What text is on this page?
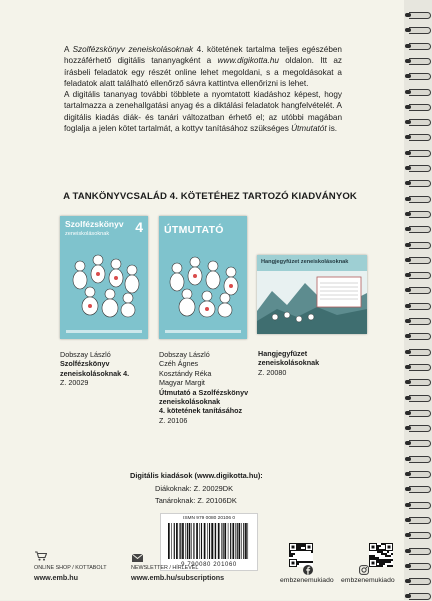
A Szolfézskönyv zeneiskolásoknak 4. kötetének tartalma teljes egészében hozzáférhető digitális tananyagként a www.digikotta.hu oldalon. Itt az írásbeli feladatok egy részét online lehet megoldani, s a megoldásokat a feladatok alatt található ellenőrző sávra kattintva ellenőrizni is lehet.

A digitális tananyag további többlete a nyomtatott kiadáshoz képest, hogy tartalmazza a zenehallgatási anyag és a diktálási feladatok hangfelvételét. A digitális kiadás diák- és tanári változatban érhető el; az utóbbi magában foglalja a jelen kötet tartalmát, a kottyv tanításához szükséges Útmutatót is.

A TANKÖNYVCSALÁD 4. KÖTETÉHEZ TARTOZÓ KIADVÁNYOK
Szolfézskönyv
zeneiskolásoknak 4
ÚTMUTATÓ
Hangjegyfüzet zeneiskolásoknak
Dobszay László
Szolfézskönyv
zeneiskolásoknak 4.
Z. 20029
Dobszay László
Czéh Ágnes
Kosztándy Réka
Magyar Margit
Útmutató a Szolfézskönyv
zeneiskolásoknak
4. kötetének tanításához
Z. 20106
Hangjegyfüzet
zeneiskolásoknak
Z. 20080
Digitális kiadások (www.digikotta.hu):
Diákoknak: Z. 20029DK
Tanároknak: Z. 20106DK
ISMN 979 0080 20106 0
9 790080 201060
ONLINE SHOP / KOTTABOLT
www.emb.hu
NEWSLETTER / HÍRLEVÉL
www.emb.hu/subscriptions	embzenemukiado embzenemukiado
